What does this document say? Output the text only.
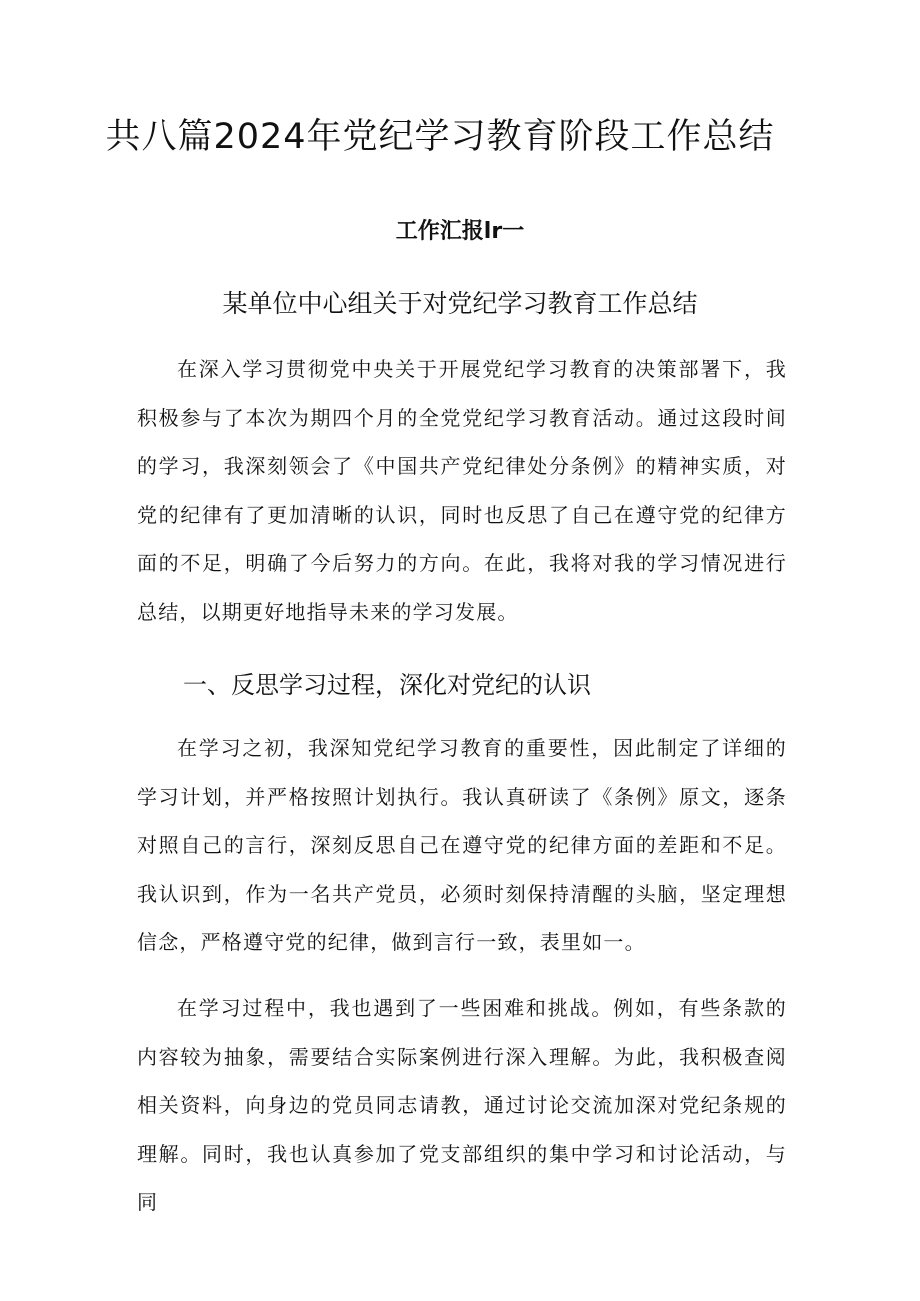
共八篇2024年党纪学习教育阶段工作总结
工作汇报lr一
某单位中心组关于对党纪学习教育工作总结

在深入学习贯彻党中央关于开展党纪学习教育的决策部署下，我积极参与了本次为期四个月的全党党纪学习教育活动。通过这段时间的学习，我深刻领会了《中国共产党纪律处分条例》的精神实质，对党的纪律有了更加清晰的认识，同时也反思了自己在遵守党的纪律方面的不足，明确了今后努力的方向。在此，我将对我的学习情况进行总结，以期更好地指导未来的学习发展。

一、反思学习过程，深化对党纪的认识

在学习之初，我深知党纪学习教育的重要性，因此制定了详细的学习计划，并严格按照计划执行。我认真研读了《条例》原文，逐条对照自己的言行，深刻反思自己在遵守党的纪律方面的差距和不足。我认识到，作为一名共产党员，必须时刻保持清醒的头脑，坚定理想信念，严格遵守党的纪律，做到言行一致，表里如一。

在学习过程中，我也遇到了一些困难和挑战。例如，有些条款的内容较为抽象，需要结合实际案例进行深入理解。为此，我积极查阅相关资料，向身边的党员同志请教，通过讨论交流加深对党纪条规的理解。同时，我也认真参加了党支部组织的集中学习和讨论活动，与同
